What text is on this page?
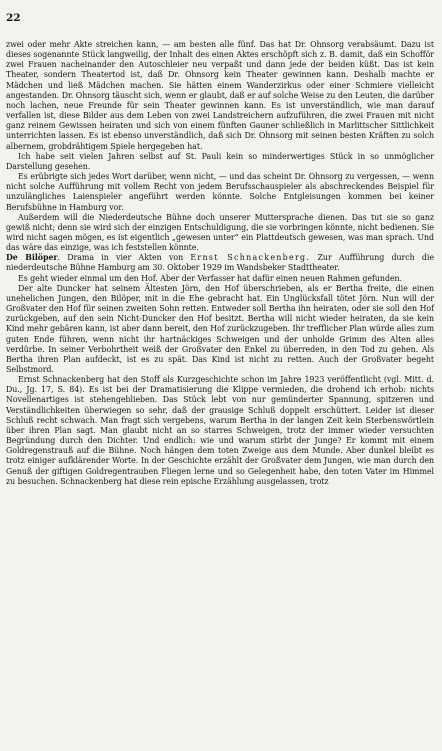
22

zwei oder mehr Akte streichen kann, — am besten alle fünf. Das hat Dr. Ohnsorg verabsäumt. Dazu ist dieses sogenannte Stück langweilig, der Inhalt des einen Aktes erschöpft sich z. B. damit, daß ein Schofför zwei Frauen nacheinander den Autoschleier neu verpaßt und dann jede der beiden küßt. Das ist kein Theater, sondern Theatertod ist, daß Dr. Ohnsorg kein Theater gewinnen kann. Deshalb machte er Mädchen und ließ Mädchen machen. Sie hätten einem Wanderzirkus oder einer Schmiere vielleicht angestanden. Dr. Ohnsorg täuscht sich, wenn er glaubt, daß er auf solche Weise zu den Leuten, die darüber noch lachen, neue Freunde für sein Theater gewinnen kann. Es ist unverständlich, wie man darauf verfallen ist, diese Bilder aus dem Leben von zwei Landstreichern aufzuführen, die zwei Frauen mit nicht ganz reinem Gewissen heiraten und sich von einem fünften Gauner schließlich in Marlittscher Sittlichkeit unterrichten lassen. Es ist ebenso unverständlich, daß sich Dr. Ohnsorg mit seinen besten Kräften zu solch albernem, grobdrähtigem Spiele hergegeben hat.

Ich habe seit vielen Jahren selbst auf St. Pauli kein so minderwertiges Stück in so unmöglicher Darstellung gesehen.

Es erübrigte sich jedes Wort darüber, wenn nicht, — und das scheint Dr. Ohnsorg zu vergessen, — wenn nicht solche Aufführung mit vollem Recht von jedem Berufsschauspieler als abschreckendes Beispiel für unzulängliches Laienspieler angeführt werden könnte. Solche Entgleisungen kommen bei keiner Berufsbühne in Hamburg vor.

Außerdem will die Niederdeutsche Bühne doch unserer Muttersprache dienen. Das tut sie so ganz gewiß nicht; denn sie wird sich der einzigen Entschuldigung, die sie vorbringen könnte, nicht bedienen. Sie wird nicht sagen mögen, es ist eigentlich „gewesen unter“ ein Plattdeutsch gewesen, was man sprach. Und das wäre das einzige, was ich feststellen könnte.

De Bilöper. Drama in vier Akten von Ernst Schnackenberg. Zur Aufführung durch die niederdeutsche Bühne Hamburg am 30. Oktober 1929 im Wandsbeker Stadttheater.

Es geht wieder einmal um den Hof. Aber der Verfasser hat dafür einen neuen Rahmen gefunden.

Der alte Duncker hat seinem Ältesten Jörn, den Hof überschrieben, als er Bertha freite, die einen unehelichen Jungen, den Bilöper, mit in die Ehe gebracht hat. Ein Unglücksfall tötet Jörn. Nun will der Großvater den Hof für seinen zweiten Sohn retten. Entweder soll Bertha ihn heiraten, oder sie soll den Hof zurückgeben, auf den sein Nicht-Duncker den Hof besitzt. Bertha will nicht wieder heiraten, da sie kein Kind mehr gebären kann, ist aber dann bereit, den Hof zurückzugeben. Ihr trefflicher Plan würde alles zum guten Ende führen, wenn nicht ihr hartnäckiges Schweigen und der unholde Grimm des Alten alles verdürbe. In seiner Verbohrtheit weiß der Großvater den Enkel zu überreden, in den Tod zu gehen. Als Bertha ihren Plan aufdeckt, ist es zu spät. Das Kind ist nicht zu retten. Auch der Großvater begeht Selbstmord.

Ernst Schnackenberg hat den Stoff als Kurzgeschichte schon im Jahre 1923 veröffentlicht (vgl. Mitt. d. Du., Jg. 17, S. 84). Es ist bei der Dramatisierung die Klippe vermieden, die drohend ich erhob: nichts Novellenartiges ist stehengeblieben. Das Stück lebt von nur gemünderter Spannung, spitzeren und Verständlichkeiten überwiegen so sehr, daß der grausige Schluß doppelt erschüttert. Leider ist dieser Schluß recht schwach. Man fragt sich vergebens, warum Bertha in der langen Zeit kein Sterbenswörtlein über ihren Plan sagt. Man glaubt nicht an so starres Schweigen, trotz der immer wieder versuchten Begründung durch den Dichter. Und endlich: wie und warum stirbt der Junge? Er kommt mit einem Goldregenstrauß auf die Bühne. Noch hängen dem toten Zweige aus dem Munde. Aber dunkel bleibt es trotz einiger aufklärender Worte. In der Geschichte erzählt der Großvater dem Jungen, wie man durch den Genuß der giftigen Goldregentrauben Fliegen lerne und so Gelegenheit habe, den toten Vater im Himmel zu besuchen. Schnackenberg hat diese rein epische Erzählung ausgelassen, trotz
